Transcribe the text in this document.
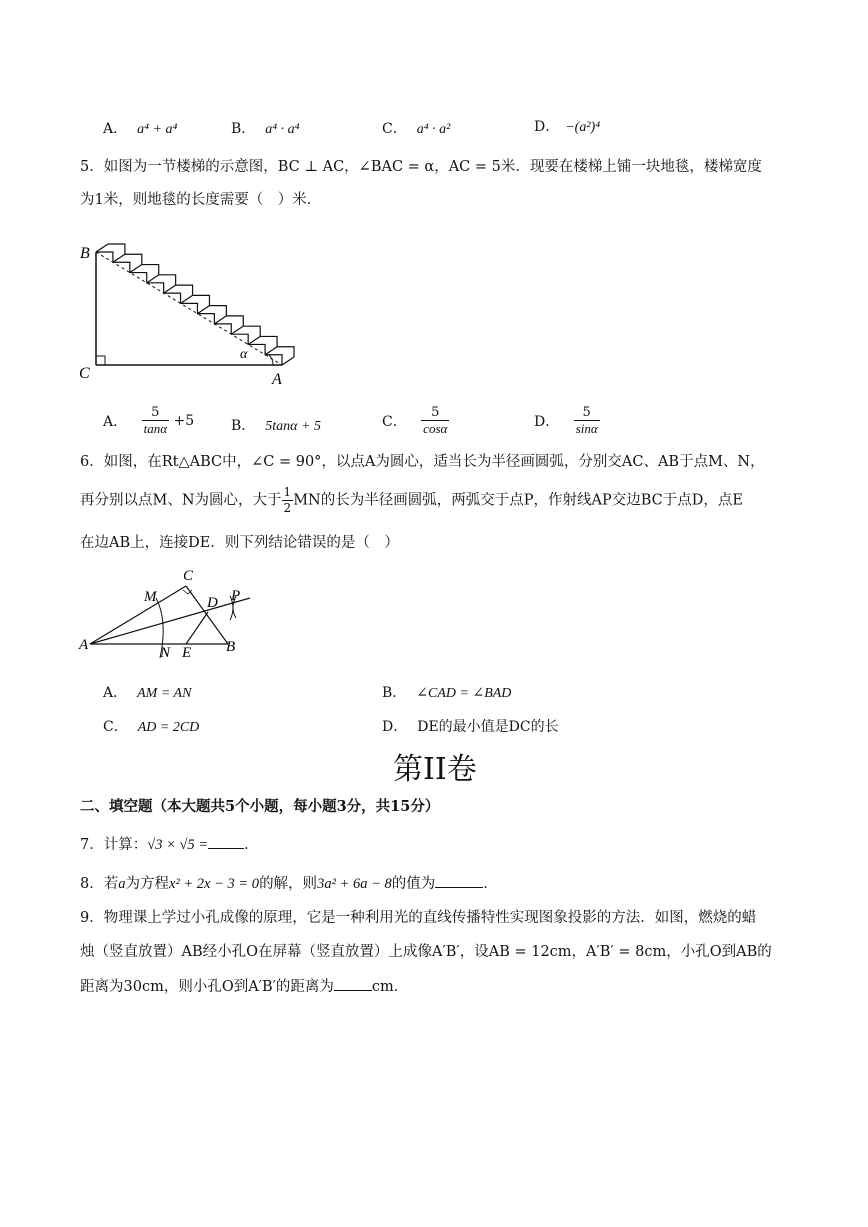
A． a⁴ + a⁴	B． a⁴ · a⁴	C． a⁴ · a²	D． −(a²)⁴
5．如图为一节楼梯的示意图，BC ⊥ AC，∠BAC = α，AC = 5米．现要在楼梯上铺一块地毯，楼梯宽度
为1米，则地毯的长度需要（　）米．
B
C	A
α
A． $\frac{5}{\tan\alpha} +5$	B． 5tanα + 5	C． $\frac{5}{\cos\alpha}$	D． $\frac{5}{\sin\alpha}$
6．如图，在Rt△ABC中，∠C = 90°，以点A为圆心，适当长为半径画圆弧，分别交AC、AB于点M、N，
再分别以点M、N为圆心，大于 $\frac{1}{2}$ MN的长为半径画圆弧，两弧交于点P，作射线AP交边BC于点D，点E
在边AB上，连接DE．则下列结论错误的是（　）
C
M	D P
A	N E B
A． AM = AN	B． ∠CAD = ∠BAD
C． AD = 2CD	D． DE的最小值是DC的长
第II卷
二、填空题（本大题共5个小题，每小题3分，共15分）
7．计算：√3 × √5 = ．
8．若a为方程x² + 2x − 3 = 0的解，则3a² + 6a − 8的值为	．
9．物理课上学过小孔成像的原理，它是一种利用光的直线传播特性实现图象投影的方法．如图，燃烧的蜡
烛（竖直放置）AB经小孔O在屏幕（竖直放置）上成像A′B′，设AB = 12cm，A′B′ = 8cm，小孔O到AB的
距离为30cm，则小孔O到A′B′的距离为	cm．
